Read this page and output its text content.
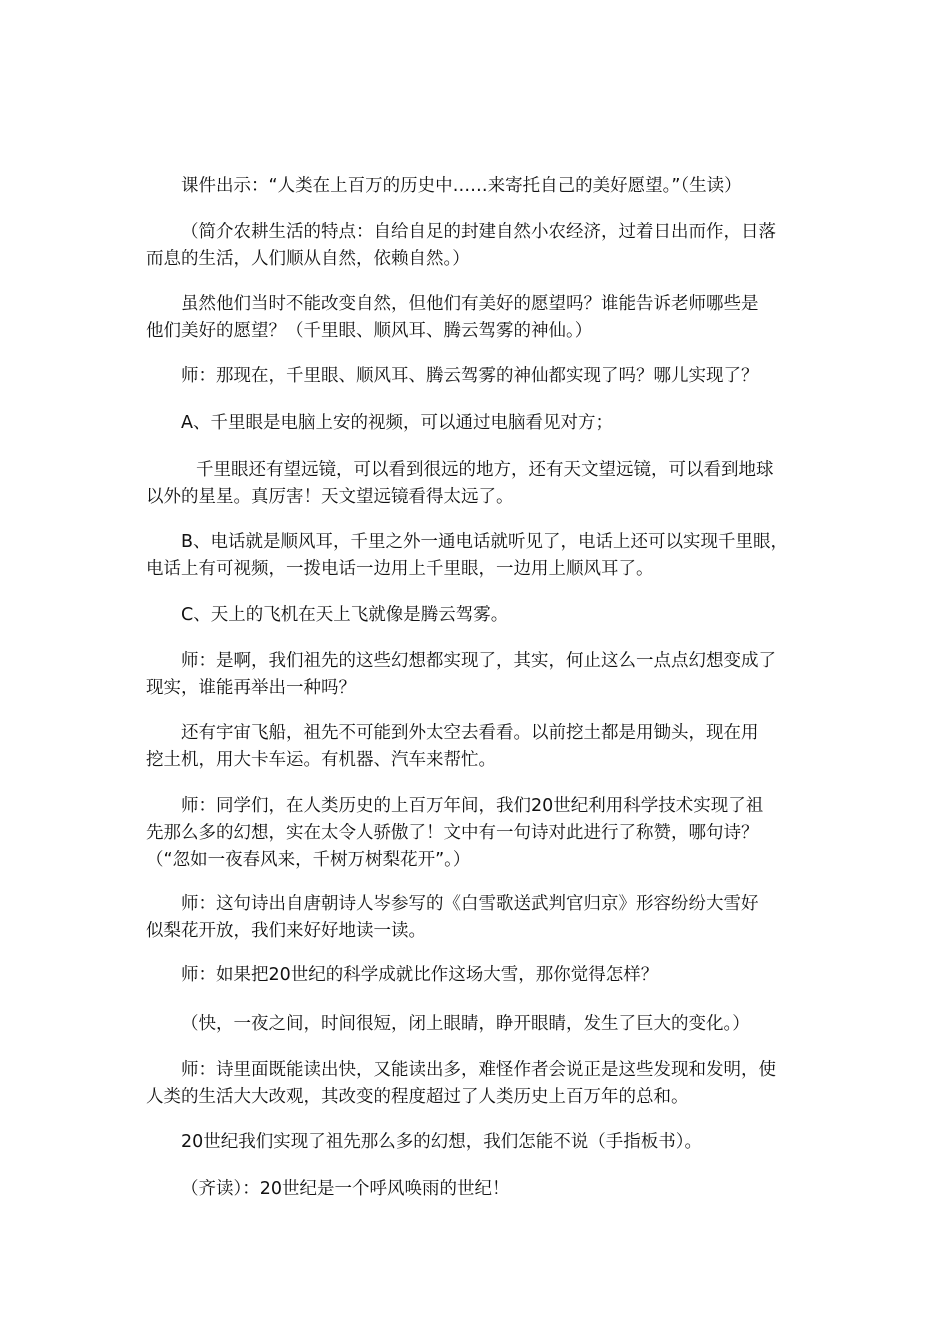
课件出示：“人类在上百万的历史中……来寄托自己的美好愿望。”（生读）

（简介农耕生活的特点：自给自足的封建自然小农经济，过着日出而作，日落
而息的生活，人们顺从自然，依赖自然。）

虽然他们当时不能改变自然，但他们有美好的愿望吗？谁能告诉老师哪些是
他们美好的愿望？（千里眼、顺风耳、腾云驾雾的神仙。）

师：那现在，千里眼、顺风耳、腾云驾雾的神仙都实现了吗？哪儿实现了？

A、千里眼是电脑上安的视频，可以通过电脑看见对方；

千里眼还有望远镜，可以看到很远的地方，还有天文望远镜，可以看到地球
以外的星星。真厉害！天文望远镜看得太远了。

B、电话就是顺风耳，千里之外一通电话就听见了，电话上还可以实现千里眼，
电话上有可视频，一拨电话一边用上千里眼，一边用上顺风耳了。

C、天上的飞机在天上飞就像是腾云驾雾。

师：是啊，我们祖先的这些幻想都实现了，其实，何止这么一点点幻想变成了
现实，谁能再举出一种吗？

还有宇宙飞船，祖先不可能到外太空去看看。以前挖土都是用锄头，现在用
挖土机，用大卡车运。有机器、汽车来帮忙。

师：同学们，在人类历史的上百万年间，我们20世纪利用科学技术实现了祖
先那么多的幻想，实在太令人骄傲了！文中有一句诗对此进行了称赞，哪句诗？
（“忽如一夜春风来，千树万树梨花开”。）

师：这句诗出自唐朝诗人岑参写的《白雪歌送武判官归京》形容纷纷大雪好
似梨花开放，我们来好好地读一读。

师：如果把20世纪的科学成就比作这场大雪，那你觉得怎样？

（快，一夜之间，时间很短，闭上眼睛，睁开眼睛，发生了巨大的变化。）

师：诗里面既能读出快，又能读出多，难怪作者会说正是这些发现和发明，使
人类的生活大大改观，其改变的程度超过了人类历史上百万年的总和。

20世纪我们实现了祖先那么多的幻想，我们怎能不说（手指板书）。

（齐读）：20世纪是一个呼风唤雨的世纪！
